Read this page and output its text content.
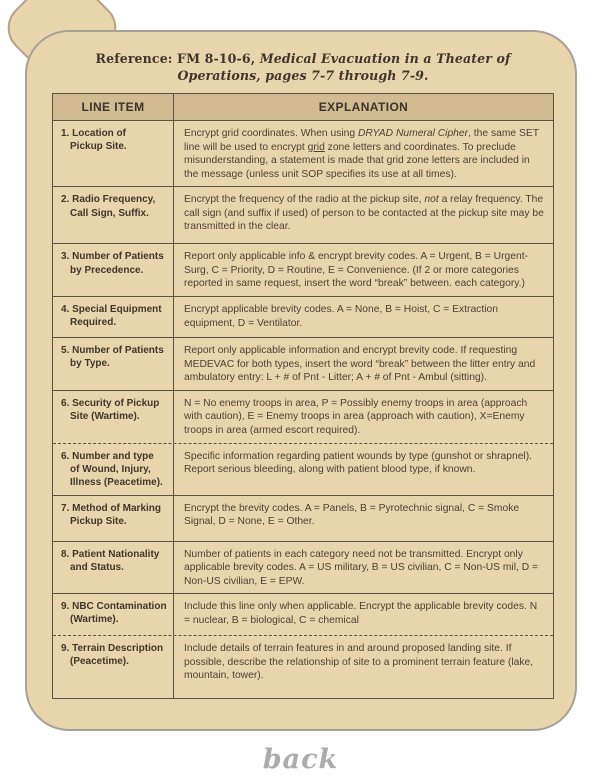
Reference: FM 8-10-6, Medical Evacuation in a Theater of Operations, pages 7-7 through 7-9.
LINE ITEM	EXPLANATION
1. Location of
Pickup Site.
Encrypt grid coordinates. When using DRYAD Numeral Cipher, the same SET line will be used to encrypt grid zone letters and coordinates. To preclude misunderstanding, a statement is made that grid zone letters are included in the message (unless unit SOP specifies its use at all times).
2. Radio Frequency,
Call Sign, Suffix.
Encrypt the frequency of the radio at the pickup site, not a relay frequency. The call sign (and suffix if used) of person to be contacted at the pickup site may be transmitted in the clear.
3. Number of Patients
by Precedence.
Report only applicable info & encrypt brevity codes. A = Urgent, B = Urgent-Surg, C = Priority, D = Routine, E = Convenience. (If 2 or more categories reported in same request, insert the word “break” between. each category.)
4. Special Equipment
Required.
Encrypt applicable brevity codes. A = None, B = Hoist, C = Extraction equipment, D = Ventilator.
5. Number of Patients
by Type.
Report only applicable information and encrypt brevity code. If requesting MEDEVAC for both types, insert the word “break” between the litter entry and ambulatory entry: L + # of Pnt - Litter; A + # of Pnt - Ambul (sitting).
6. Security of Pickup
Site (Wartime).
N = No enemy troops in area, P = Possibly enemy troops in area (approach with caution), E = Enemy troops in area (approach with caution), X=Enemy troops in area (armed escort required).
6. Number and type
of Wound, Injury,
Illness (Peacetime).
Specific information regarding patient wounds by type (gunshot or shrapnel). Report serious bleeding, along with patient blood type, if known.
7. Method of Marking
Pickup Site.
Encrypt the brevity codes. A = Panels, B = Pyrotechnic signal, C = Smoke Signal, D = None, E = Other.
8. Patient Nationality
and Status.
Number of patients in each category need not be transmitted. Encrypt only applicable brevity codes. A = US military, B = US civilian, C = Non-US mil, D = Non-US civilian, E = EPW.
9. NBC Contamination
(Wartime).
Include this line only when applicable. Encrypt the applicable brevity codes. N = nuclear, B = biological, C = chemical
9. Terrain Description
(Peacetime).
Include details of terrain features in and around proposed landing site. If possible, describe the relationship of site to a prominent terrain feature (lake, mountain, tower).
back
